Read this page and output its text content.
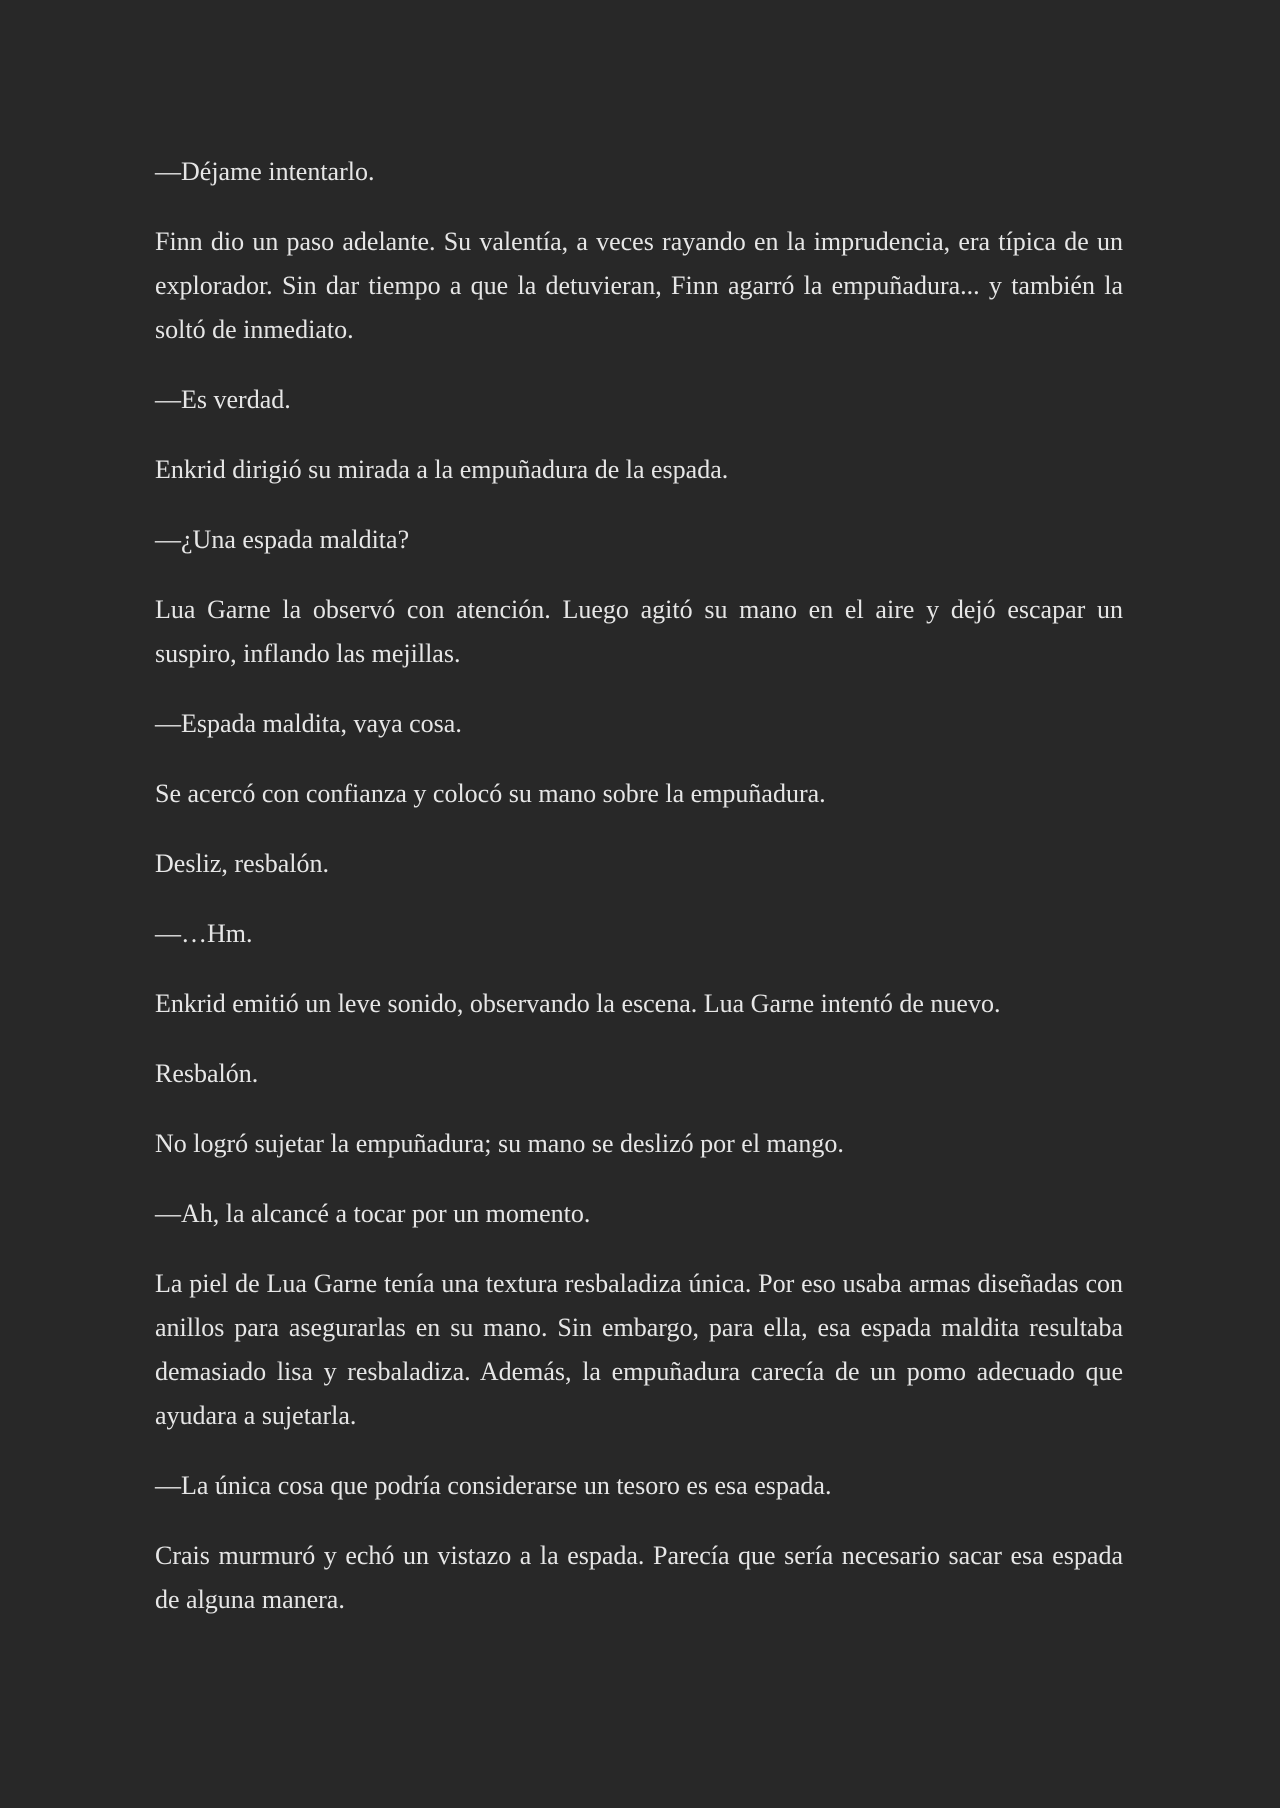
—Déjame intentarlo.

Finn dio un paso adelante. Su valentía, a veces rayando en la imprudencia, era típica de un explorador. Sin dar tiempo a que la detuvieran, Finn agarró la empuñadura... y también la soltó de inmediato.

—Es verdad.

Enkrid dirigió su mirada a la empuñadura de la espada.

—¿Una espada maldita?

Lua Garne la observó con atención. Luego agitó su mano en el aire y dejó escapar un suspiro, inflando las mejillas.

—Espada maldita, vaya cosa.

Se acercó con confianza y colocó su mano sobre la empuñadura.

Desliz, resbalón.

—…Hm.

Enkrid emitió un leve sonido, observando la escena. Lua Garne intentó de nuevo.

Resbalón.

No logró sujetar la empuñadura; su mano se deslizó por el mango.

—Ah, la alcancé a tocar por un momento.

La piel de Lua Garne tenía una textura resbaladiza única. Por eso usaba armas diseñadas con anillos para asegurarlas en su mano. Sin embargo, para ella, esa espada maldita resultaba demasiado lisa y resbaladiza. Además, la empuñadura carecía de un pomo adecuado que ayudara a sujetarla.

—La única cosa que podría considerarse un tesoro es esa espada.

Crais murmuró y echó un vistazo a la espada. Parecía que sería necesario sacar esa espada de alguna manera.
